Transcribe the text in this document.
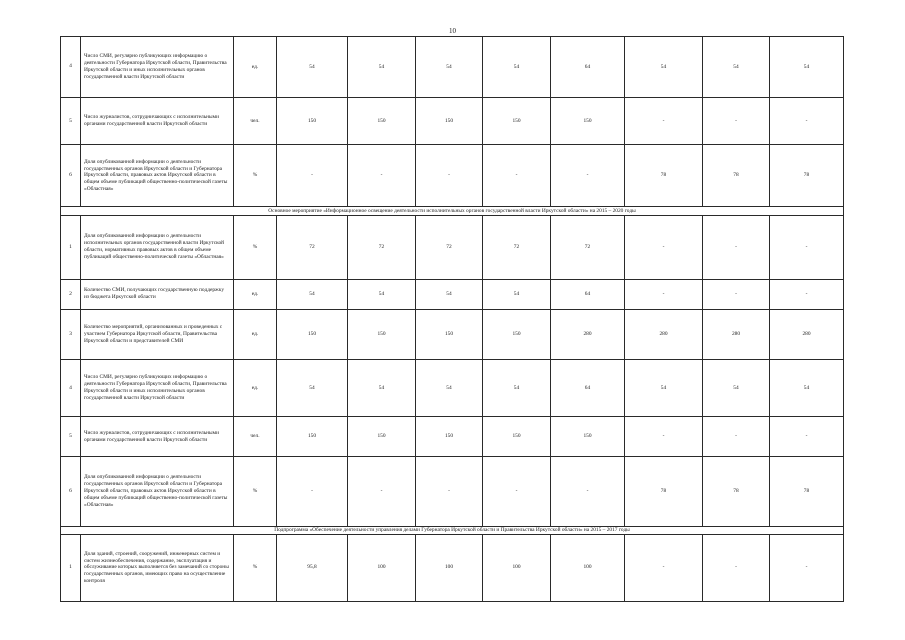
10
4	Число СМИ, регулярно публикующих информацию о деятельности Губернатора Иркутской области, Правительства Иркутской области и иных исполнительных органов государственной власти Иркутской области	ед.	54	54	54	54	64	54	54	54
5	Число журналистов, сотрудничающих с исполнительными органами государственной власти Иркутской области	чел.	150	150	150	150	150	-	-	-
6	Доля опубликованной информации о деятельности государственных органов Иркутской области и Губернатора Иркутской области, правовых актов Иркутской области в общем объеме публикаций общественно-политической газеты «Областная»	%	-	-	-	-	-	78	78	78
Основное мероприятие «Информационное освещение деятельности исполнительных органов государственной власти Иркутской области» на 2015 – 2020 годы										
1	Доля опубликованной информации о деятельности исполнительных органов государственной власти Иркутской области, нормативных правовых актов в общем объеме публикаций общественно-политической газеты «Областная»	%	72	72	72	72	72	-	-	-
2	Количество СМИ, получающих государственную поддержку из бюджета Иркутской области	ед.	54	54	54	54	64	-	-	-
3	Количество мероприятий, организованных и проведенных с участием Губернатора Иркутской области, Правительства Иркутской области и представителей СМИ	ед.	150	150	150	150	280	280	280	280
4	Число СМИ, регулярно публикующих информацию о деятельности Губернатора Иркутской области, Правительства Иркутской области и иных исполнительных органов государственной власти Иркутской области	ед.	54	54	54	54	64	54	54	54
5	Число журналистов, сотрудничающих с исполнительными органами государственной власти Иркутской области	чел.	150	150	150	150	150	-	-	-
6	Доля опубликованной информации о деятельности государственных органов Иркутской области и Губернатора Иркутской области, правовых актов Иркутской области в общем объеме публикаций общественно-политической газеты «Областная»	%	-	-	-	-	-	78	78	78
Подпрограмма «Обеспечение деятельности управления делами Губернатора Иркутской области и Правительства Иркутской области» на 2015 – 2017 годы										
1	Доля зданий, строений, сооружений, инженерных систем и систем жизнеобеспечения, содержание, эксплуатация и обслуживание которых выполняется без замечаний со стороны государственных органов, имеющих право на осуществление контроля	%	95,8	100	100	100	100	-	-	-
